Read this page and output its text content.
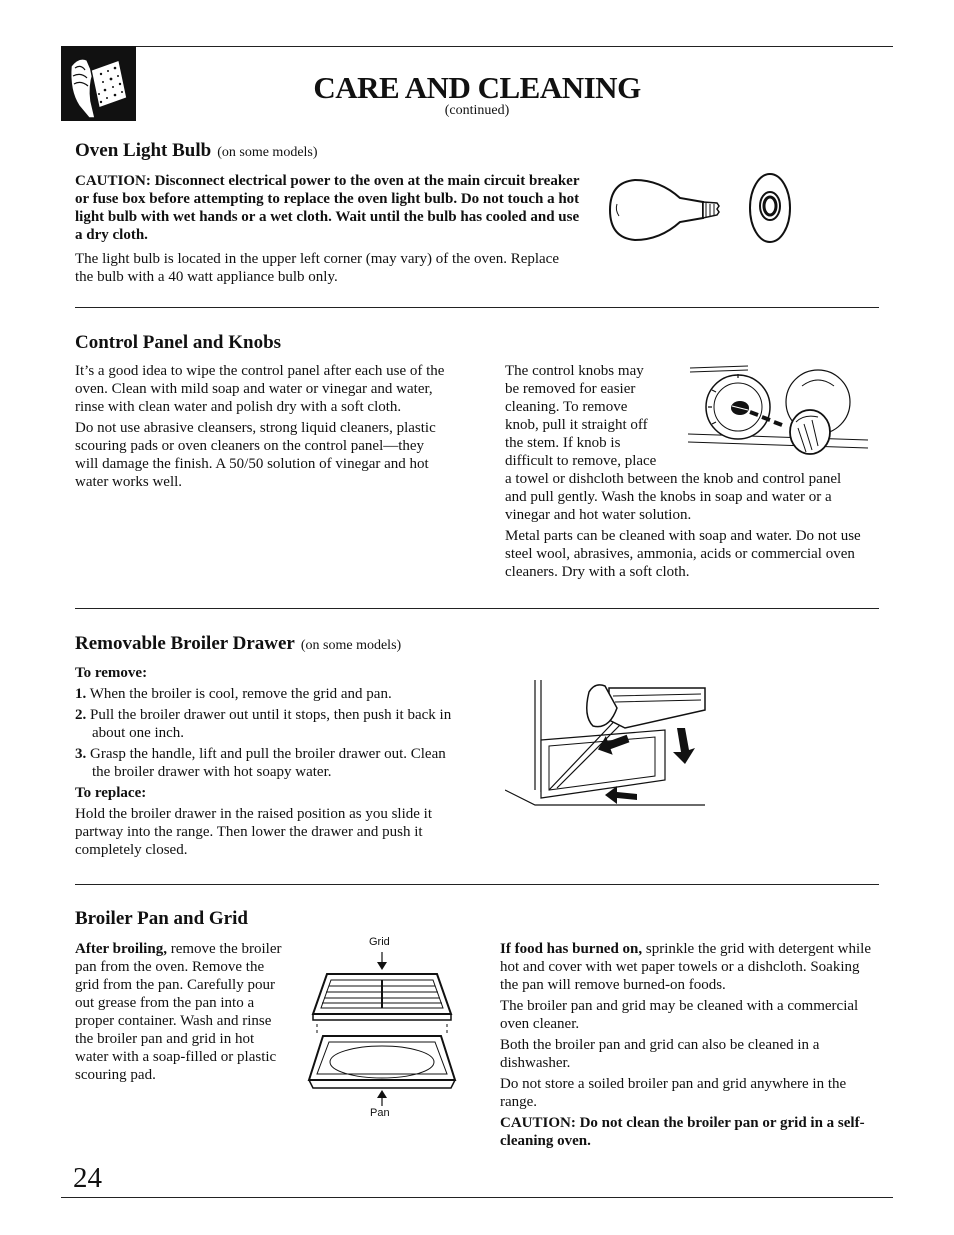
CARE AND CLEANING
(continued)

Oven Light Bulb (on some models)

CAUTION: Disconnect electrical power to the oven at the main circuit breaker or fuse box before attempting to replace the oven light bulb. Do not touch a hot light bulb with wet hands or a wet cloth. Wait until the bulb has cooled and use a dry cloth.

The light bulb is located in the upper left corner (may vary) of the oven. Replace the bulb with a 40 watt appliance bulb only.

Control Panel and Knobs

It’s a good idea to wipe the control panel after each use of the oven. Clean with mild soap and water or vinegar and water, rinse with clean water and polish dry with a soft cloth.

Do not use abrasive cleansers, strong liquid cleaners, plastic scouring pads or oven cleaners on the control panel—they will damage the finish. A 50/50 solution of vinegar and hot water works well.

The control knobs may

be removed for easier

cleaning. To remove

knob, pull it straight off

the stem. If knob is

difficult to remove, place

a towel or dishcloth between the knob and control panel and pull gently. Wash the knobs in soap and water or a vinegar and hot water solution.

Metal parts can be cleaned with soap and water. Do not use steel wool, abrasives, ammonia, acids or commercial oven cleaners. Dry with a soft cloth.

Removable Broiler Drawer (on some models)

To remove:

1. When the broiler is cool, remove the grid and pan.

2. Pull the broiler drawer out until it stops, then push it back in about one inch.

3. Grasp the handle, lift and pull the broiler drawer out. Clean the broiler drawer with hot soapy water.

To replace:

Hold the broiler drawer in the raised position as you slide it partway into the range. Then lower the drawer and push it completely closed.

Broiler Pan and Grid

After broiling, remove the broiler pan from the oven. Remove the grid from the pan. Carefully pour out grease from the pan into a proper container. Wash and rinse the broiler pan and grid in hot water with a soap-filled or plastic scouring pad.

Grid
Pan

If food has burned on, sprinkle the grid with detergent while hot and cover with wet paper towels or a dishcloth. Soaking the pan will remove burned-on foods.

The broiler pan and grid may be cleaned with a commercial oven cleaner.

Both the broiler pan and grid can also be cleaned in a dishwasher.

Do not store a soiled broiler pan and grid anywhere in the range.

CAUTION: Do not clean the broiler pan or grid in a self-cleaning oven.

24
